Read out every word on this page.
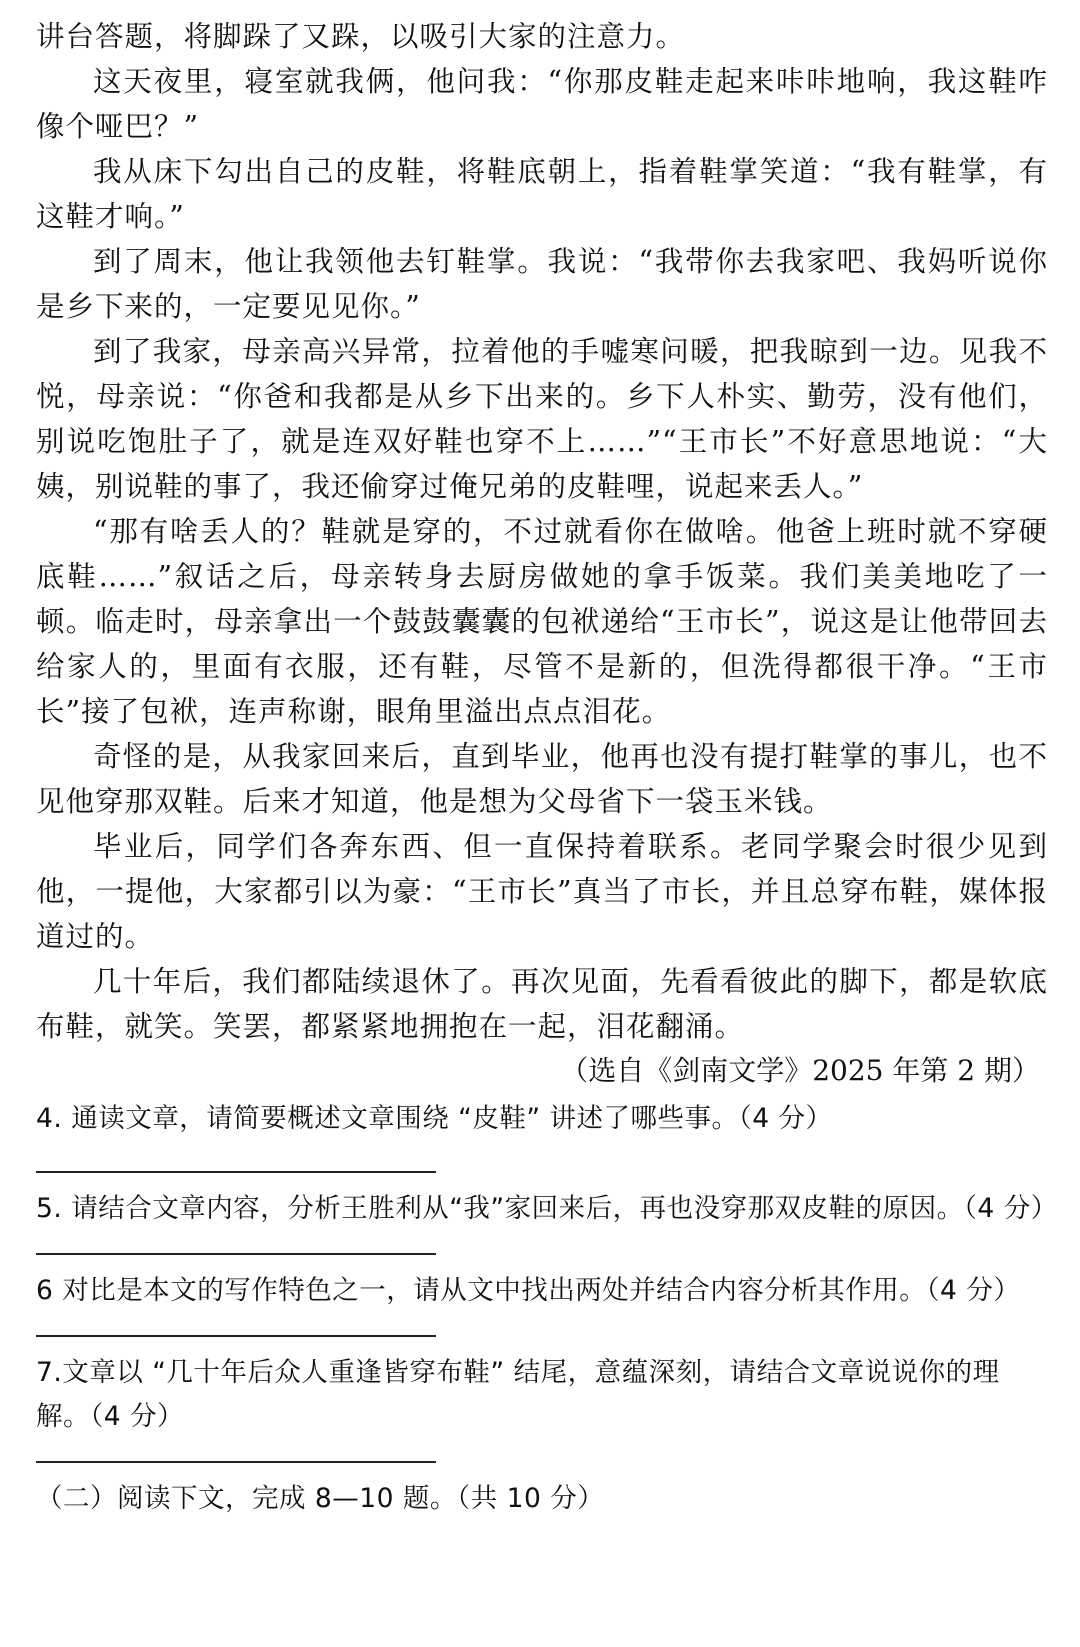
讲台答题，将脚跺了又跺，以吸引大家的注意力。

这天夜里，寝室就我俩，他问我：“你那皮鞋走起来咔咔地响，我这鞋咋像个哑巴？”

我从床下勾出自己的皮鞋，将鞋底朝上，指着鞋掌笑道：“我有鞋掌，有这鞋才响。”

到了周末，他让我领他去钉鞋掌。我说：“我带你去我家吧、我妈听说你是乡下来的，一定要见见你。”

到了我家，母亲高兴异常，拉着他的手嘘寒问暖，把我晾到一边。见我不悦，母亲说：“你爸和我都是从乡下出来的。乡下人朴实、勤劳，没有他们，别说吃饱肚子了，就是连双好鞋也穿不上……”“王市长”不好意思地说：“大姨，别说鞋的事了，我还偷穿过俺兄弟的皮鞋哩，说起来丢人。”

“那有啥丢人的？鞋就是穿的，不过就看你在做啥。他爸上班时就不穿硬底鞋……”叙话之后，母亲转身去厨房做她的拿手饭菜。我们美美地吃了一顿。临走时，母亲拿出一个鼓鼓囊囊的包袱递给“王市长”，说这是让他带回去给家人的，里面有衣服，还有鞋，尽管不是新的，但洗得都很干净。“王市长”接了包袱，连声称谢，眼角里溢出点点泪花。

奇怪的是，从我家回来后，直到毕业，他再也没有提打鞋掌的事儿，也不见他穿那双鞋。后来才知道，他是想为父母省下一袋玉米钱。

毕业后，同学们各奔东西、但一直保持着联系。老同学聚会时很少见到他，一提他，大家都引以为豪：“王市长”真当了市长，并且总穿布鞋，媒体报道过的。

几十年后，我们都陆续退休了。再次见面，先看看彼此的脚下，都是软底布鞋，就笑。笑罢，都紧紧地拥抱在一起，泪花翻涌。

（选自《剑南文学》2025 年第 2 期）

4. 通读文章，请简要概述文章围绕 “皮鞋” 讲述了哪些事。（4 分）

5. 请结合文章内容，分析王胜利从“我”家回来后，再也没穿那双皮鞋的原因。（4 分）

6 对比是本文的写作特色之一，请从文中找出两处并结合内容分析其作用。（4 分）

7.文章以 “几十年后众人重逢皆穿布鞋” 结尾，意蕴深刻，请结合文章说说你的理解。（4 分）

（二）阅读下文，完成 8—10 题。（共 10 分）
